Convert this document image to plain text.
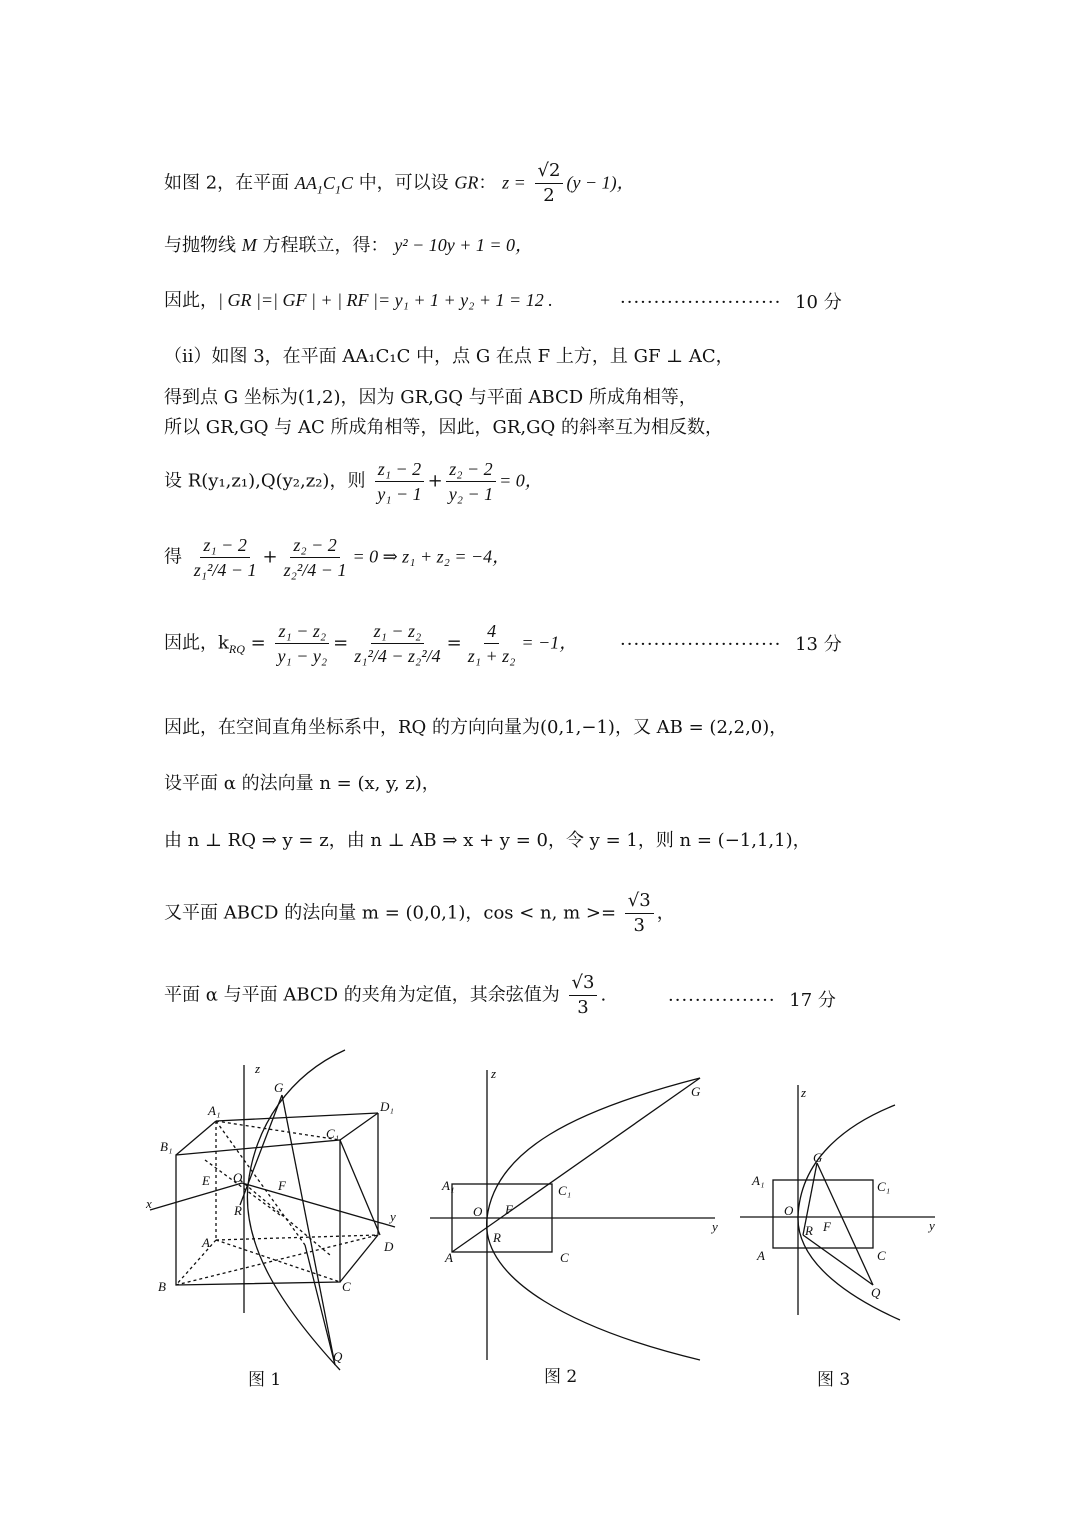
如图 2，在平面 $AA_1C_1C$ 中，可以设 GR： $z = \frac{√2}{2} (y - 1)$，
与抛物线 M 方程联立，得： y² − 10y + 1 = 0，
因此，| GR |=| GF | + | RF |= y₁ + 1 + y₂ + 1 = 12 .	························ 10 分
（ii）如图 3，在平面 AA₁C₁C 中，点 G 在点 F 上方，且 GF ⊥ AC，
得到点 G 坐标为(1,2)，因为 GR,GQ 与平面 ABCD 所成角相等，
所以 GR,GQ 与 AC 所成角相等，因此，GR,GQ 的斜率互为相反数，
设 R(y₁,z₁),Q(y₂,z₂)，则 $\frac{\text{z₁ − 2}}{\text{y₁ − 1}} + \frac{\text{z₂ − 2}}{\text{y₂ − 1}} = 0$，
得 $\frac{\text{z₁ − 2}}{\text{z₁²/4 − 1}} + \frac{\text{z₂ − 2}}{\text{z₂²/4 − 1}} = 0$ ⇒ z₁ + z₂ = −4，
因此，$k_{RQ} = \frac{\text{z₁ − z₂}}{\text{y₁ − y₂}} = \frac{\text{z₁ − z₂}}{\text{z₁²/4 − z₂²/4}} = \frac{4}{\text{z₁ + z₂}} = -1$， ························ 13 分
因此，在空间直角坐标系中，RQ 的方向向量为(0,1,−1)，又 AB = (2,2,0)，
设平面 α 的法向量 n = (x, y, z)，
由 n ⊥ RQ ⇒ y = z，由 n ⊥ AB ⇒ x + y = 0，令 y = 1，则 n = (−1,1,1)，
又平面 ABCD 的法向量 m = (0,0,1)，cos < n, $m >= \frac{√3}{3}$ ，
平面 α 与平面 ABCD 的夹角为定值，其余弦值为 $\frac{√3}{3}$ .	················ 17 分
z
G
A₁	D₁
B₁
C₁
E O
F
x	R	y
A	D
B	C
Q
图 1
z
G
A₁	C₁
O F
y
R
A	C
图 2
z
G
A₁	C₁
O
R F	y
A	C
Q
图 3
